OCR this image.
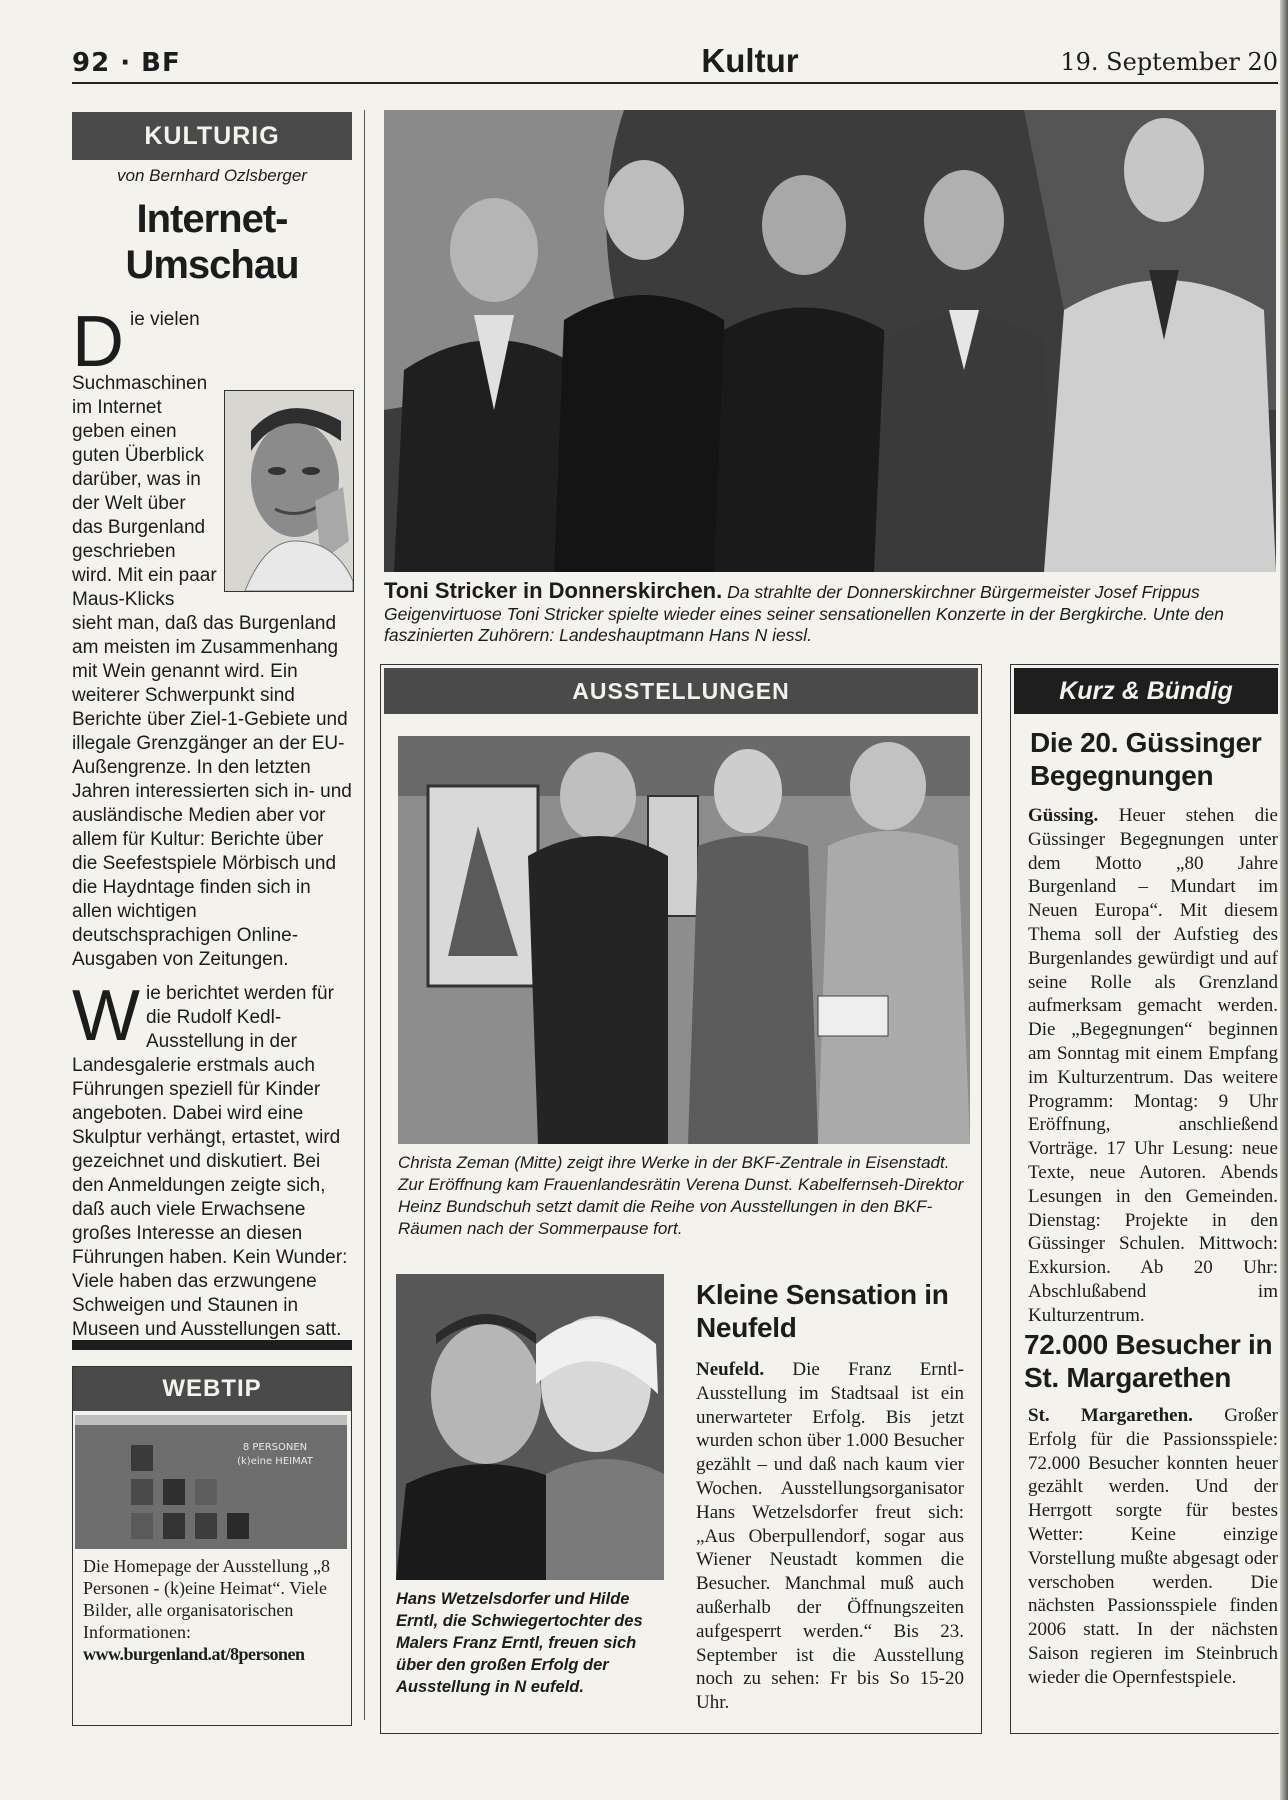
92 · BF	Kultur	19. September 20
KULTURIG
von Bernhard Ozlsberger
Internet-
Umschau

Die vielen Suchmaschinen im Internet geben einen guten Überblick darüber, was in der Welt über das Burgenland geschrieben wird. Mit ein paar Maus-Klicks sieht man, daß das Burgenland am meisten im Zusammenhang mit Wein genannt wird. Ein weiterer Schwerpunkt sind Berichte über Ziel-1-Gebiete und illegale Grenzgänger an der EU-Außengrenze. In den letzten Jahren interessierten sich in- und ausländische Medien aber vor allem für Kultur: Berichte über die Seefestspiele Mörbisch und die Haydntage finden sich in allen wichtigen deutschsprachigen Online-Ausgaben von Zeitungen.

Wie berichtet werden für die Rudolf Kedl-Ausstellung in der Landesgalerie erstmals auch Führungen speziell für Kinder angeboten. Dabei wird eine Skulptur verhängt, ertastet, wird gezeichnet und diskutiert. Bei den Anmeldungen zeigte sich, daß auch viele Erwachsene großes Interesse an diesen Führungen haben. Kein Wunder: Viele haben das erzwungene Schweigen und Staunen in Museen und Ausstellungen satt.

WEBTIP
8 PERSONEN
(k)eine HEIMAT
Die Homepage der Ausstellung „8 Personen - (k)eine Heimat“. Viele Bilder, alle organisatorischen Informationen:
www.burgenland.at/8personen
Toni Stricker in Donnerskirchen. Da strahlte der Donnerskirchner Bürgermeister Josef Frippus Geigenvirtuose Toni Stricker spielte wieder eines seiner sensationellen Konzerte in der Bergkirche. Unte den faszinierten Zuhörern: Landeshauptmann Hans N iessl.
AUSSTELLUNGEN
Christa Zeman (Mitte) zeigt ihre Werke in der BKF-Zentrale in Eisenstadt. Zur Eröffnung kam Frauenlandesrätin Verena Dunst. Kabelfernseh-Direktor Heinz Bundschuh setzt damit die Reihe von Ausstellungen in den BKF-Räumen nach der Sommerpause fort.
Hans Wetzelsdorfer und Hilde Erntl, die Schwiegertochter des Malers Franz Erntl, freuen sich über den großen Erfolg der Ausstellung in N eufeld.
Kleine Sensation in Neufeld
Neufeld. Die Franz Erntl-Ausstellung im Stadtsaal ist ein unerwarteter Erfolg. Bis jetzt wurden schon über 1.000 Besucher gezählt – und daß nach kaum vier Wochen. Ausstellungsorganisator Hans Wetzelsdorfer freut sich: „Aus Oberpullendorf, sogar aus Wiener Neustadt kommen die Besucher. Manchmal muß auch außerhalb der Öffnungszeiten aufgesperrt werden.“ Bis 23. September ist die Ausstellung noch zu sehen: Fr bis So 15-20 Uhr.
Kurz & Bündig
Die 20. Güssinger Begegnungen
Güssing. Heuer stehen die Güssinger Begegnungen unter dem Motto „80 Jahre Burgenland – Mundart im Neuen Europa“. Mit diesem Thema soll der Aufstieg des Burgenlandes gewürdigt und auf seine Rolle als Grenzland aufmerksam gemacht werden. Die „Begegnungen“ beginnen am Sonntag mit einem Empfang im Kulturzentrum. Das weitere Programm: Montag: 9 Uhr Eröffnung, anschließend Vorträge. 17 Uhr Lesung: neue Texte, neue Autoren. Abends Lesungen in den Gemeinden. Dienstag: Projekte in den Güssinger Schulen. Mittwoch: Exkursion. Ab 20 Uhr: Abschlußabend im Kulturzentrum.
72.000 Besucher in St. Margarethen
St. Margarethen. Großer Erfolg für die Passionsspiele: 72.000 Besucher konnten heuer gezählt werden. Und der Herrgott sorgte für bestes Wetter: Keine einzige Vorstellung mußte abgesagt oder verschoben werden. Die nächsten Passionsspiele finden 2006 statt. In der nächsten Saison regieren im Steinbruch wieder die Opernfestspiele.
